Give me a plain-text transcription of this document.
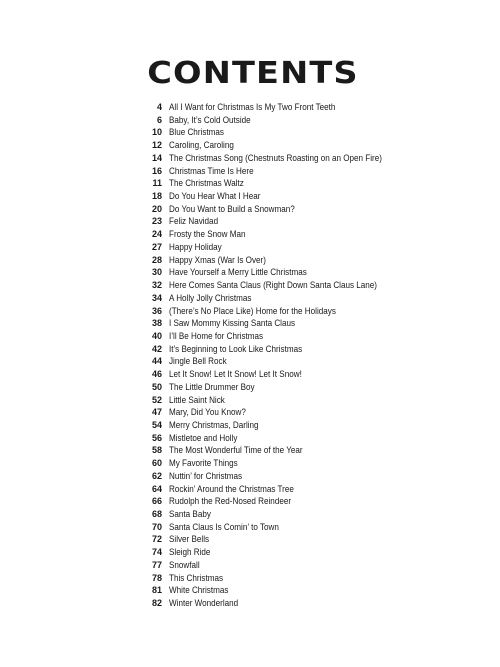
CONTENTS
4 All I Want for Christmas Is My Two Front Teeth
6 Baby, It’s Cold Outside
10 Blue Christmas
12 Caroling, Caroling
14 The Christmas Song (Chestnuts Roasting on an Open Fire)
16 Christmas Time Is Here
11 The Christmas Waltz
18 Do You Hear What I Hear
20 Do You Want to Build a Snowman?
23 Feliz Navidad
24 Frosty the Snow Man
27 Happy Holiday
28 Happy Xmas (War Is Over)
30 Have Yourself a Merry Little Christmas
32 Here Comes Santa Claus (Right Down Santa Claus Lane)
34 A Holly Jolly Christmas
36 (There’s No Place Like) Home for the Holidays
38 I Saw Mommy Kissing Santa Claus
40 I’ll Be Home for Christmas
42 It’s Beginning to Look Like Christmas
44 Jingle Bell Rock
46 Let It Snow! Let It Snow! Let It Snow!
50 The Little Drummer Boy
52 Little Saint Nick
47 Mary, Did You Know?
54 Merry Christmas, Darling
56 Mistletoe and Holly
58 The Most Wonderful Time of the Year
60 My Favorite Things
62 Nuttin’ for Christmas
64 Rockin’ Around the Christmas Tree
66 Rudolph the Red-Nosed Reindeer
68 Santa Baby
70 Santa Claus Is Comin’ to Town
72 Silver Bells
74 Sleigh Ride
77 Snowfall
78 This Christmas
81 White Christmas
82 Winter Wonderland
